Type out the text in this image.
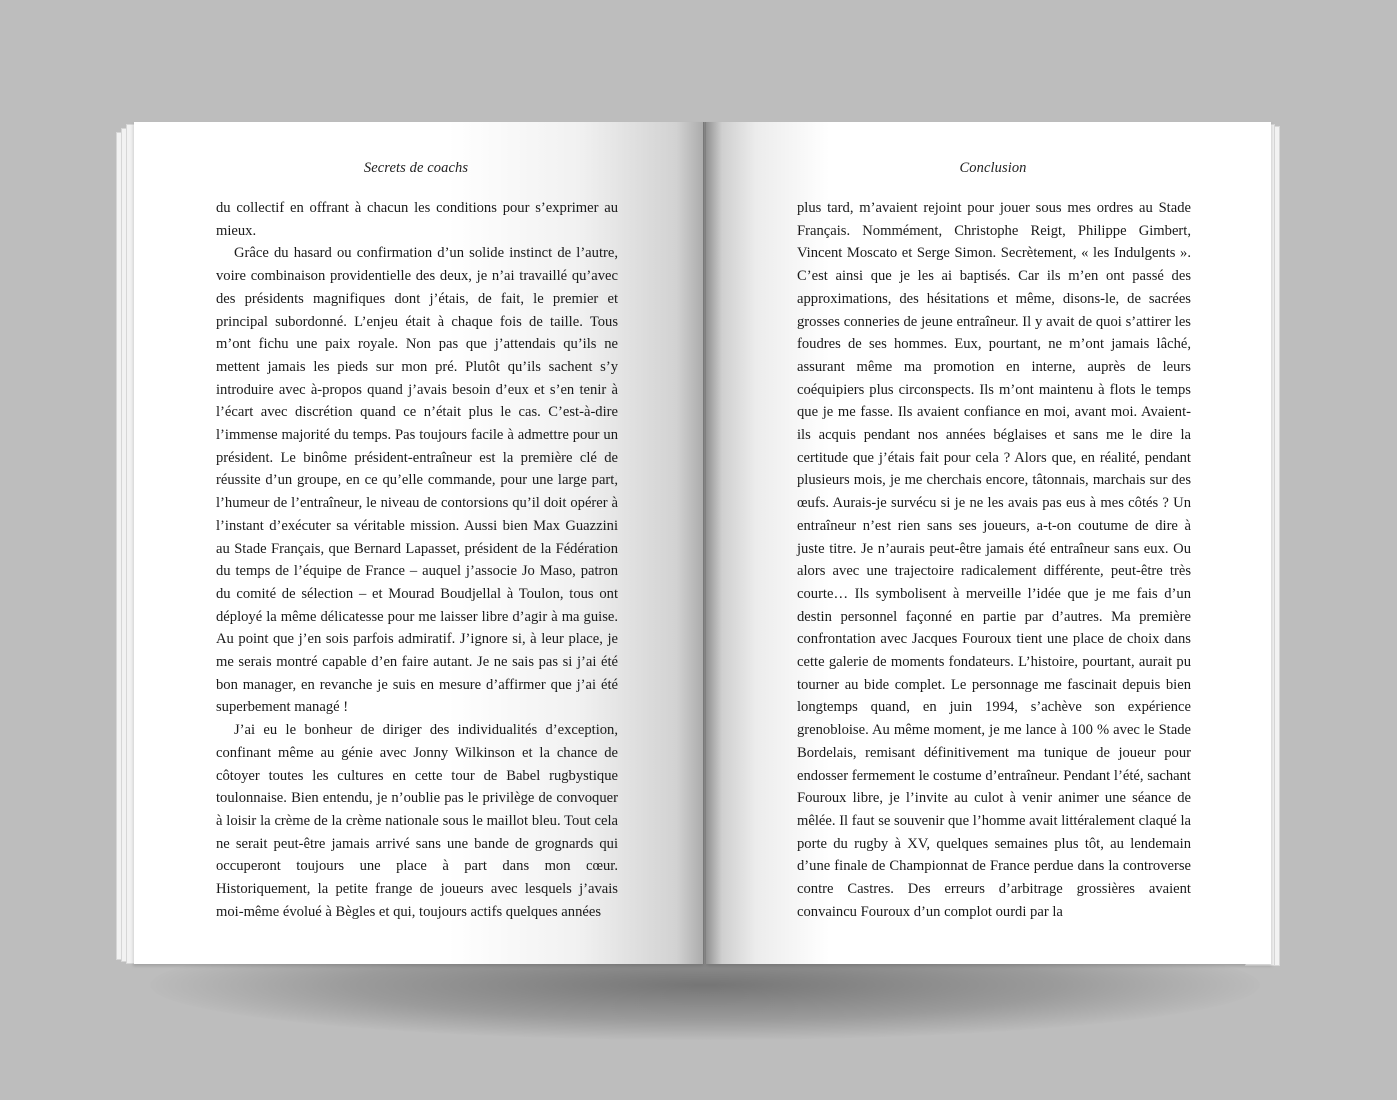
Secrets de coachs

du collectif en offrant à chacun les conditions pour s’exprimer au mieux.

Grâce du hasard ou confirmation d’un solide instinct de l’autre, voire combinaison providentielle des deux, je n’ai travaillé qu’avec des présidents magnifiques dont j’étais, de fait, le premier et principal subordonné. L’enjeu était à chaque fois de taille. Tous m’ont fichu une paix royale. Non pas que j’attendais qu’ils ne mettent jamais les pieds sur mon pré. Plutôt qu’ils sachent s’y introduire avec à-propos quand j’avais besoin d’eux et s’en tenir à l’écart avec discrétion quand ce n’était plus le cas. C’est-à-dire l’immense majorité du temps. Pas toujours facile à admettre pour un président. Le binôme président-entraîneur est la première clé de réussite d’un groupe, en ce qu’elle commande, pour une large part, l’humeur de l’entraîneur, le niveau de contorsions qu’il doit opérer à l’instant d’exécuter sa véritable mission. Aussi bien Max Guazzini au Stade Français, que Bernard Lapasset, président de la Fédération du temps de l’équipe de France – auquel j’associe Jo Maso, patron du comité de sélection – et Mourad Boudjellal à Toulon, tous ont déployé la même délicatesse pour me laisser libre d’agir à ma guise. Au point que j’en sois parfois admiratif. J’ignore si, à leur place, je me serais montré capable d’en faire autant. Je ne sais pas si j’ai été bon manager, en revanche je suis en mesure d’affirmer que j’ai été superbement managé !

J’ai eu le bonheur de diriger des individualités d’exception, confinant même au génie avec Jonny Wilkinson et la chance de côtoyer toutes les cultures en cette tour de Babel rugbystique toulonnaise. Bien entendu, je n’oublie pas le privilège de convoquer à loisir la crème de la crème nationale sous le maillot bleu. Tout cela ne serait peut-être jamais arrivé sans une bande de grognards qui occuperont toujours une place à part dans mon cœur. Historiquement, la petite frange de joueurs avec lesquels j’avais moi-même évolué à Bègles et qui, toujours actifs quelques années

Conclusion

plus tard, m’avaient rejoint pour jouer sous mes ordres au Stade Français. Nommément, Christophe Reigt, Philippe Gimbert, Vincent Moscato et Serge Simon. Secrètement, « les Indulgents ». C’est ainsi que je les ai baptisés. Car ils m’en ont passé des approximations, des hésitations et même, disons-le, de sacrées grosses conneries de jeune entraîneur. Il y avait de quoi s’attirer les foudres de ses hommes. Eux, pourtant, ne m’ont jamais lâché, assurant même ma promotion en interne, auprès de leurs coéquipiers plus circonspects. Ils m’ont maintenu à flots le temps que je me fasse. Ils avaient confiance en moi, avant moi. Avaient-ils acquis pendant nos années béglaises et sans me le dire la certitude que j’étais fait pour cela ? Alors que, en réalité, pendant plusieurs mois, je me cherchais encore, tâtonnais, marchais sur des œufs. Aurais-je survécu si je ne les avais pas eus à mes côtés ? Un entraîneur n’est rien sans ses joueurs, a-t-on coutume de dire à juste titre. Je n’aurais peut-être jamais été entraîneur sans eux. Ou alors avec une trajectoire radicalement différente, peut-être très courte… Ils symbolisent à merveille l’idée que je me fais d’un destin personnel façonné en partie par d’autres. Ma première confrontation avec Jacques Fouroux tient une place de choix dans cette galerie de moments fondateurs. L’histoire, pourtant, aurait pu tourner au bide complet. Le personnage me fascinait depuis bien longtemps quand, en juin 1994, s’achève son expérience grenobloise. Au même moment, je me lance à 100 % avec le Stade Bordelais, remisant définitivement ma tunique de joueur pour endosser fermement le costume d’entraîneur. Pendant l’été, sachant Fouroux libre, je l’invite au culot à venir animer une séance de mêlée. Il faut se souvenir que l’homme avait littéralement claqué la porte du rugby à XV, quelques semaines plus tôt, au lendemain d’une finale de Championnat de France perdue dans la controverse contre Castres. Des erreurs d’arbitrage grossières avaient convaincu Fouroux d’un complot ourdi par la
